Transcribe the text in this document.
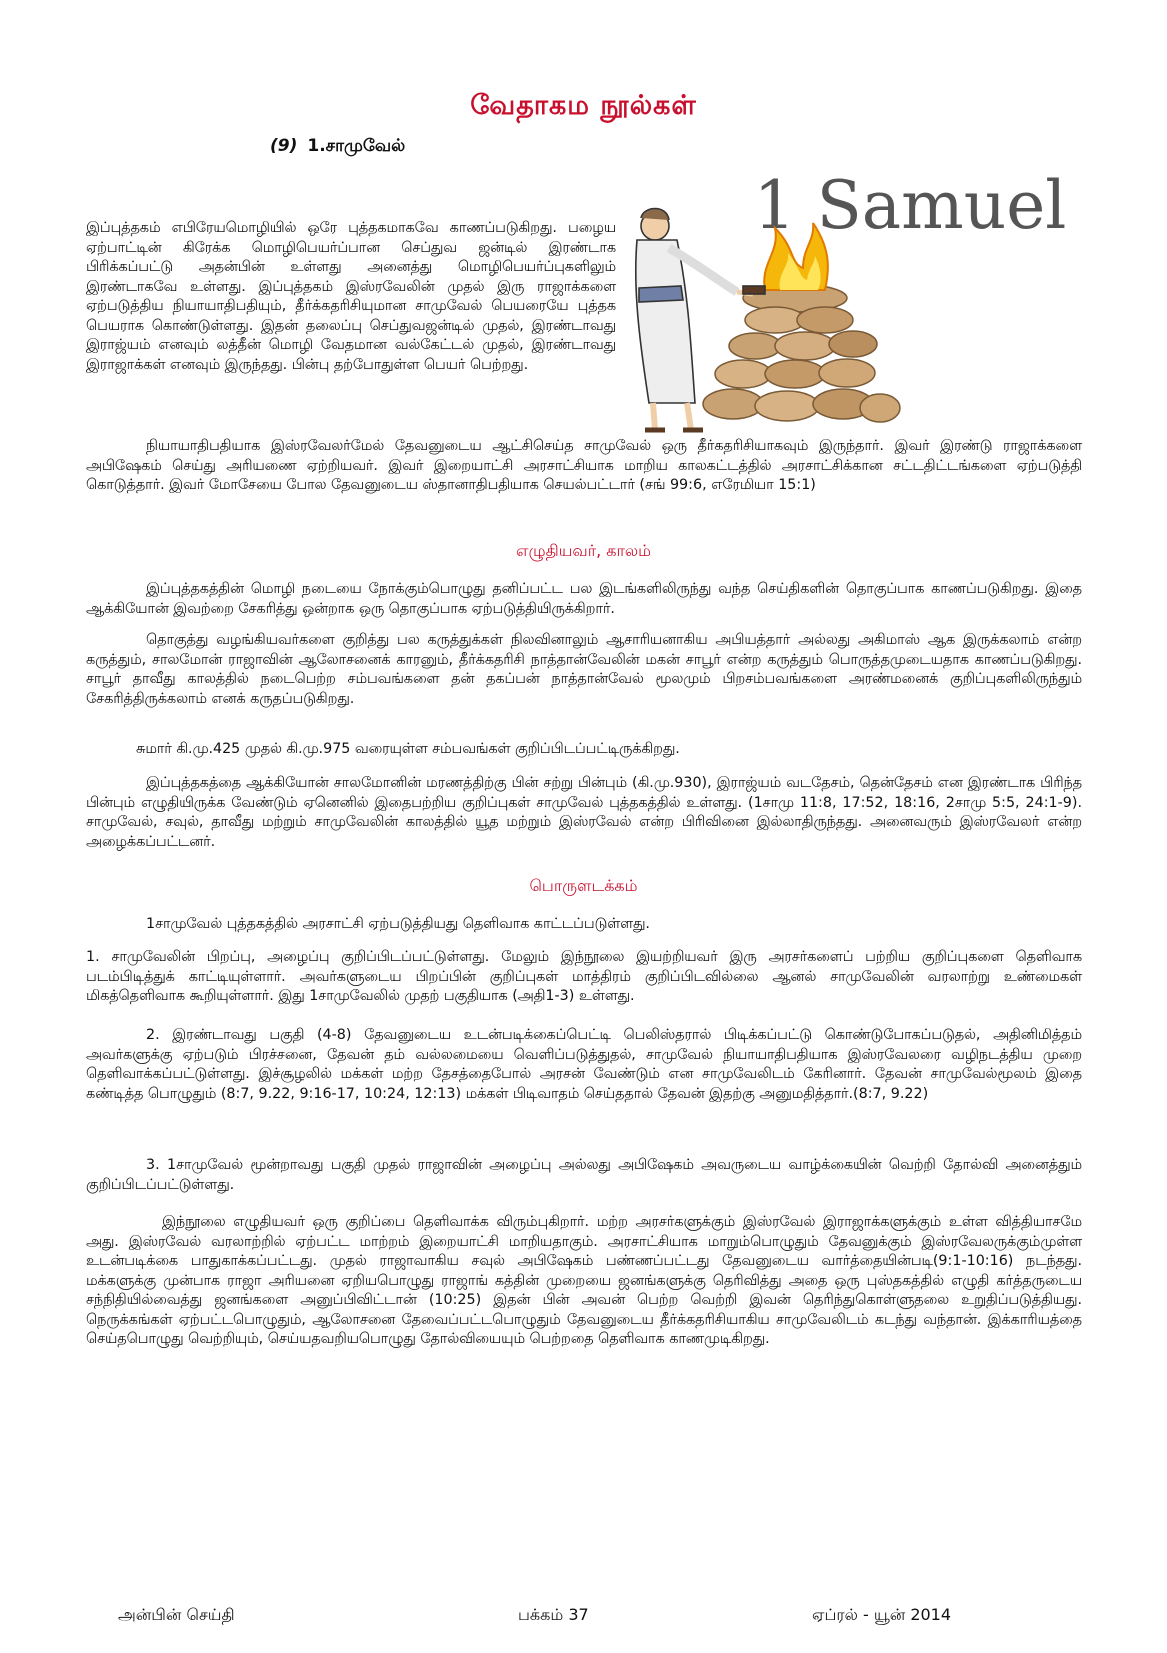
வேதாகம நூல்கள்
(9) 1.சாமுவேல்
1 Samuel

இப்புத்தகம் எபிரேயமொழியில் ஒரே புத்தகமாகவே காணப்படுகிறது. பழைய ஏற்பாட்டின் கிரேக்க மொழிபெயர்ப்பான செப்துவ ஜன்டில் இரண்டாக பிரிக்கப்பட்டு அதன்பின் உள்ளது அனைத்து மொழிபெயர்ப்புகளிலும் இரண்டாகவே உள்ளது. இப்புத்தகம் இஸ்ரவேலின் முதல் இரு ராஜாக்களை ஏற்படுத்திய நியாயாதிபதியும், தீர்க்கதரிசியுமான சாமுவேல் பெயரையே புத்தக பெயராக கொண்டுள்ளது. இதன் தலைப்பு செப்துவஜன்டில் முதல், இரண்டாவது இராஜ்யம் எனவும் லத்தீன் மொழி வேதமான வல்கேட்டல் முதல், இரண்டாவது இராஜாக்கள் எனவும் இருந்தது. பின்பு தற்போதுள்ள பெயர் பெற்றது.

நியாயாதிபதியாக இஸ்ரவேலர்மேல் தேவனுடைய ஆட்சிசெய்த சாமுவேல் ஒரு தீர்கதரிசியாகவும் இருந்தார். இவர் இரண்டு ராஜாக்களை அபிஷேகம் செய்து அரியணை ஏற்றியவர். இவர் இறையாட்சி அரசாட்சியாக மாறிய காலகட்டத்தில் அரசாட்சிக்கான சட்டதிட்டங்களை ஏற்படுத்தி கொடுத்தார். இவர் மோசேயை போல தேவனுடைய ஸ்தானாதிபதியாக செயல்பட்டார் (சங் 99:6, எரேமியா 15:1)

எழுதியவர், காலம்

இப்புத்தகத்தின் மொழி நடையை நோக்கும்பொழுது தனிப்பட்ட பல இடங்களிலிருந்து வந்த செய்திகளின் தொகுப்பாக காணப்படுகிறது. இதை ஆக்கியோன் இவற்றை சேகரித்து ஒன்றாக ஒரு தொகுப்பாக ஏற்படுத்தியிருக்கிறார்.

தொகுத்து வழங்கியவர்களை குறித்து பல கருத்துக்கள் நிலவினாலும் ஆசாரியனாகிய அபியத்தார் அல்லது அகிமாஸ் ஆக இருக்கலாம் என்ற கருத்தும், சாலமோன் ராஜாவின் ஆலோசனைக் காரனும், தீர்க்கதரிசி நாத்தான்வேலின் மகன் சாபூர் என்ற கருத்தும் பொருத்தமுடையதாக காணப்படுகிறது. சாபூர் தாவீது காலத்தில் நடைபெற்ற சம்பவங்களை தன் தகப்பன் நாத்தான்வேல் மூலமும் பிறசம்பவங்களை அரண்மனைக் குறிப்புகளிலிருந்தும் சேகரித்திருக்கலாம் எனக் கருதப்படுகிறது.

சுமார் கி.மு.425 முதல் கி.மு.975 வரையுள்ள சம்பவங்கள் குறிப்பிடப்பட்டிருக்கிறது.

இப்புத்தகத்தை ஆக்கியோன் சாலமோனின் மரணத்திற்கு பின் சற்று பின்பும் (கி.மு.930), இராஜ்யம் வடதேசம், தென்தேசம் என இரண்டாக பிரிந்த பின்பும் எழுதியிருக்க வேண்டும் ஏனெனில் இதைபற்றிய குறிப்புகள் சாமுவேல் புத்தகத்தில் உள்ளது. (1சாமு 11:8, 17:52, 18:16, 2சாமு 5:5, 24:1-9). சாமுவேல், சவுல், தாவீது மற்றும் சாமுவேலின் காலத்தில் யூத மற்றும் இஸ்ரவேல் என்ற பிரிவினை இல்லாதிருந்தது. அனைவரும் இஸ்ரவேலர் என்ற அழைக்கப்பட்டனர்.

பொருளடக்கம்

1சாமுவேல் புத்தகத்தில் அரசாட்சி ஏற்படுத்தியது தெளிவாக காட்டப்படுள்ளது.

1. சாமுவேலின் பிறப்பு, அழைப்பு குறிப்பிடப்பட்டுள்ளது. மேலும் இந்நூலை இயற்றியவர் இரு அரசர்களைப் பற்றிய குறிப்புகளை தெளிவாக படம்பிடித்துக் காட்டியுள்ளார். அவர்களுடைய பிறப்பின் குறிப்புகள் மாத்திரம் குறிப்பிடவில்லை ஆனல் சாமுவேலின் வரலாற்று உண்மைகள் மிகத்தெளிவாக கூறியுள்ளார். இது 1சாமுவேலில் முதற் பகுதியாக (அதி1-3) உள்ளது.

2. இரண்டாவது பகுதி (4-8) தேவனுடைய உடன்படிக்கைப்பெட்டி பெலிஸ்தரால் பிடிக்கப்பட்டு கொண்டுபோகப்படுதல், அதினிமித்தம் அவர்களுக்கு ஏற்படும் பிரச்சனை, தேவன் தம் வல்லமையை வெளிப்படுத்துதல், சாமுவேல் நியாயாதிபதியாக இஸ்ரவேலரை வழிநடத்திய முறை தெளிவாக்கப்பட்டுள்ளது. இச்சூழலில் மக்கள் மற்ற தேசத்தைபோல் அரசன் வேண்டும் என சாமுவேலிடம் கேரினார். தேவன் சாமுவேல்மூலம் இதை கண்டித்த பொழுதும் (8:7, 9.22, 9:16-17, 10:24, 12:13) மக்கள் பிடிவாதம் செய்ததால் தேவன் இதற்கு அனுமதித்தார்.(8:7, 9.22)

3. 1சாமுவேல் மூன்றாவது பகுதி முதல் ராஜாவின் அழைப்பு அல்லது அபிஷேகம் அவருடைய வாழ்க்கையின் வெற்றி தோல்வி அனைத்தும் குறிப்பிடப்பட்டுள்ளது.

இந்நூலை எழுதியவர் ஒரு குறிப்பை தெளிவாக்க விரும்புகிறார். மற்ற அரசர்களுக்கும் இஸ்ரவேல் இராஜாக்களுக்கும் உள்ள வித்தியாசமே அது. இஸ்ரவேல் வரலாற்றில் ஏற்பட்ட மாற்றம் இறையாட்சி மாறியதாகும். அரசாட்சியாக மாறும்பொழுதும் தேவனுக்கும் இஸ்ரவேலருக்கும்முள்ள உடன்படிக்கை பாதுகாக்கப்பட்டது. முதல் ராஜாவாகிய சவுல் அபிஷேகம் பண்ணப்பட்டது தேவனுடைய வார்த்தையின்படி(9:1-10:16) நடந்தது. மக்களுக்கு முன்பாக ராஜா அரியனை ஏறியபொழுது ராஜாங் கத்தின் முறையை ஜனங்களுக்கு தெரிவித்து அதை ஒரு புஸ்தகத்தில் எழுதி கர்த்தருடைய சந்நிதியில்வைத்து ஜனங்களை அனுப்பிவிட்டான் (10:25) இதன் பின் அவன் பெற்ற வெற்றி இவன் தெரிந்துகொள்ளுதலை உறுதிப்படுத்தியது. நெருக்கங்கள் ஏற்பட்டபொழுதும், ஆலோசனை தேவைப்பட்டபொழுதும் தேவனுடைய தீர்க்கதரிசியாகிய சாமுவேலிடம் கடந்து வந்தான். இக்காரியத்தை செய்தபொழுது வெற்றியும், செய்யதவறியபொழுது தோல்வியையும் பெற்றதை தெளிவாக காணமுடிகிறது.

அன்பின் செய்தி	பக்கம் 37	ஏப்ரல் - யூன் 2014
